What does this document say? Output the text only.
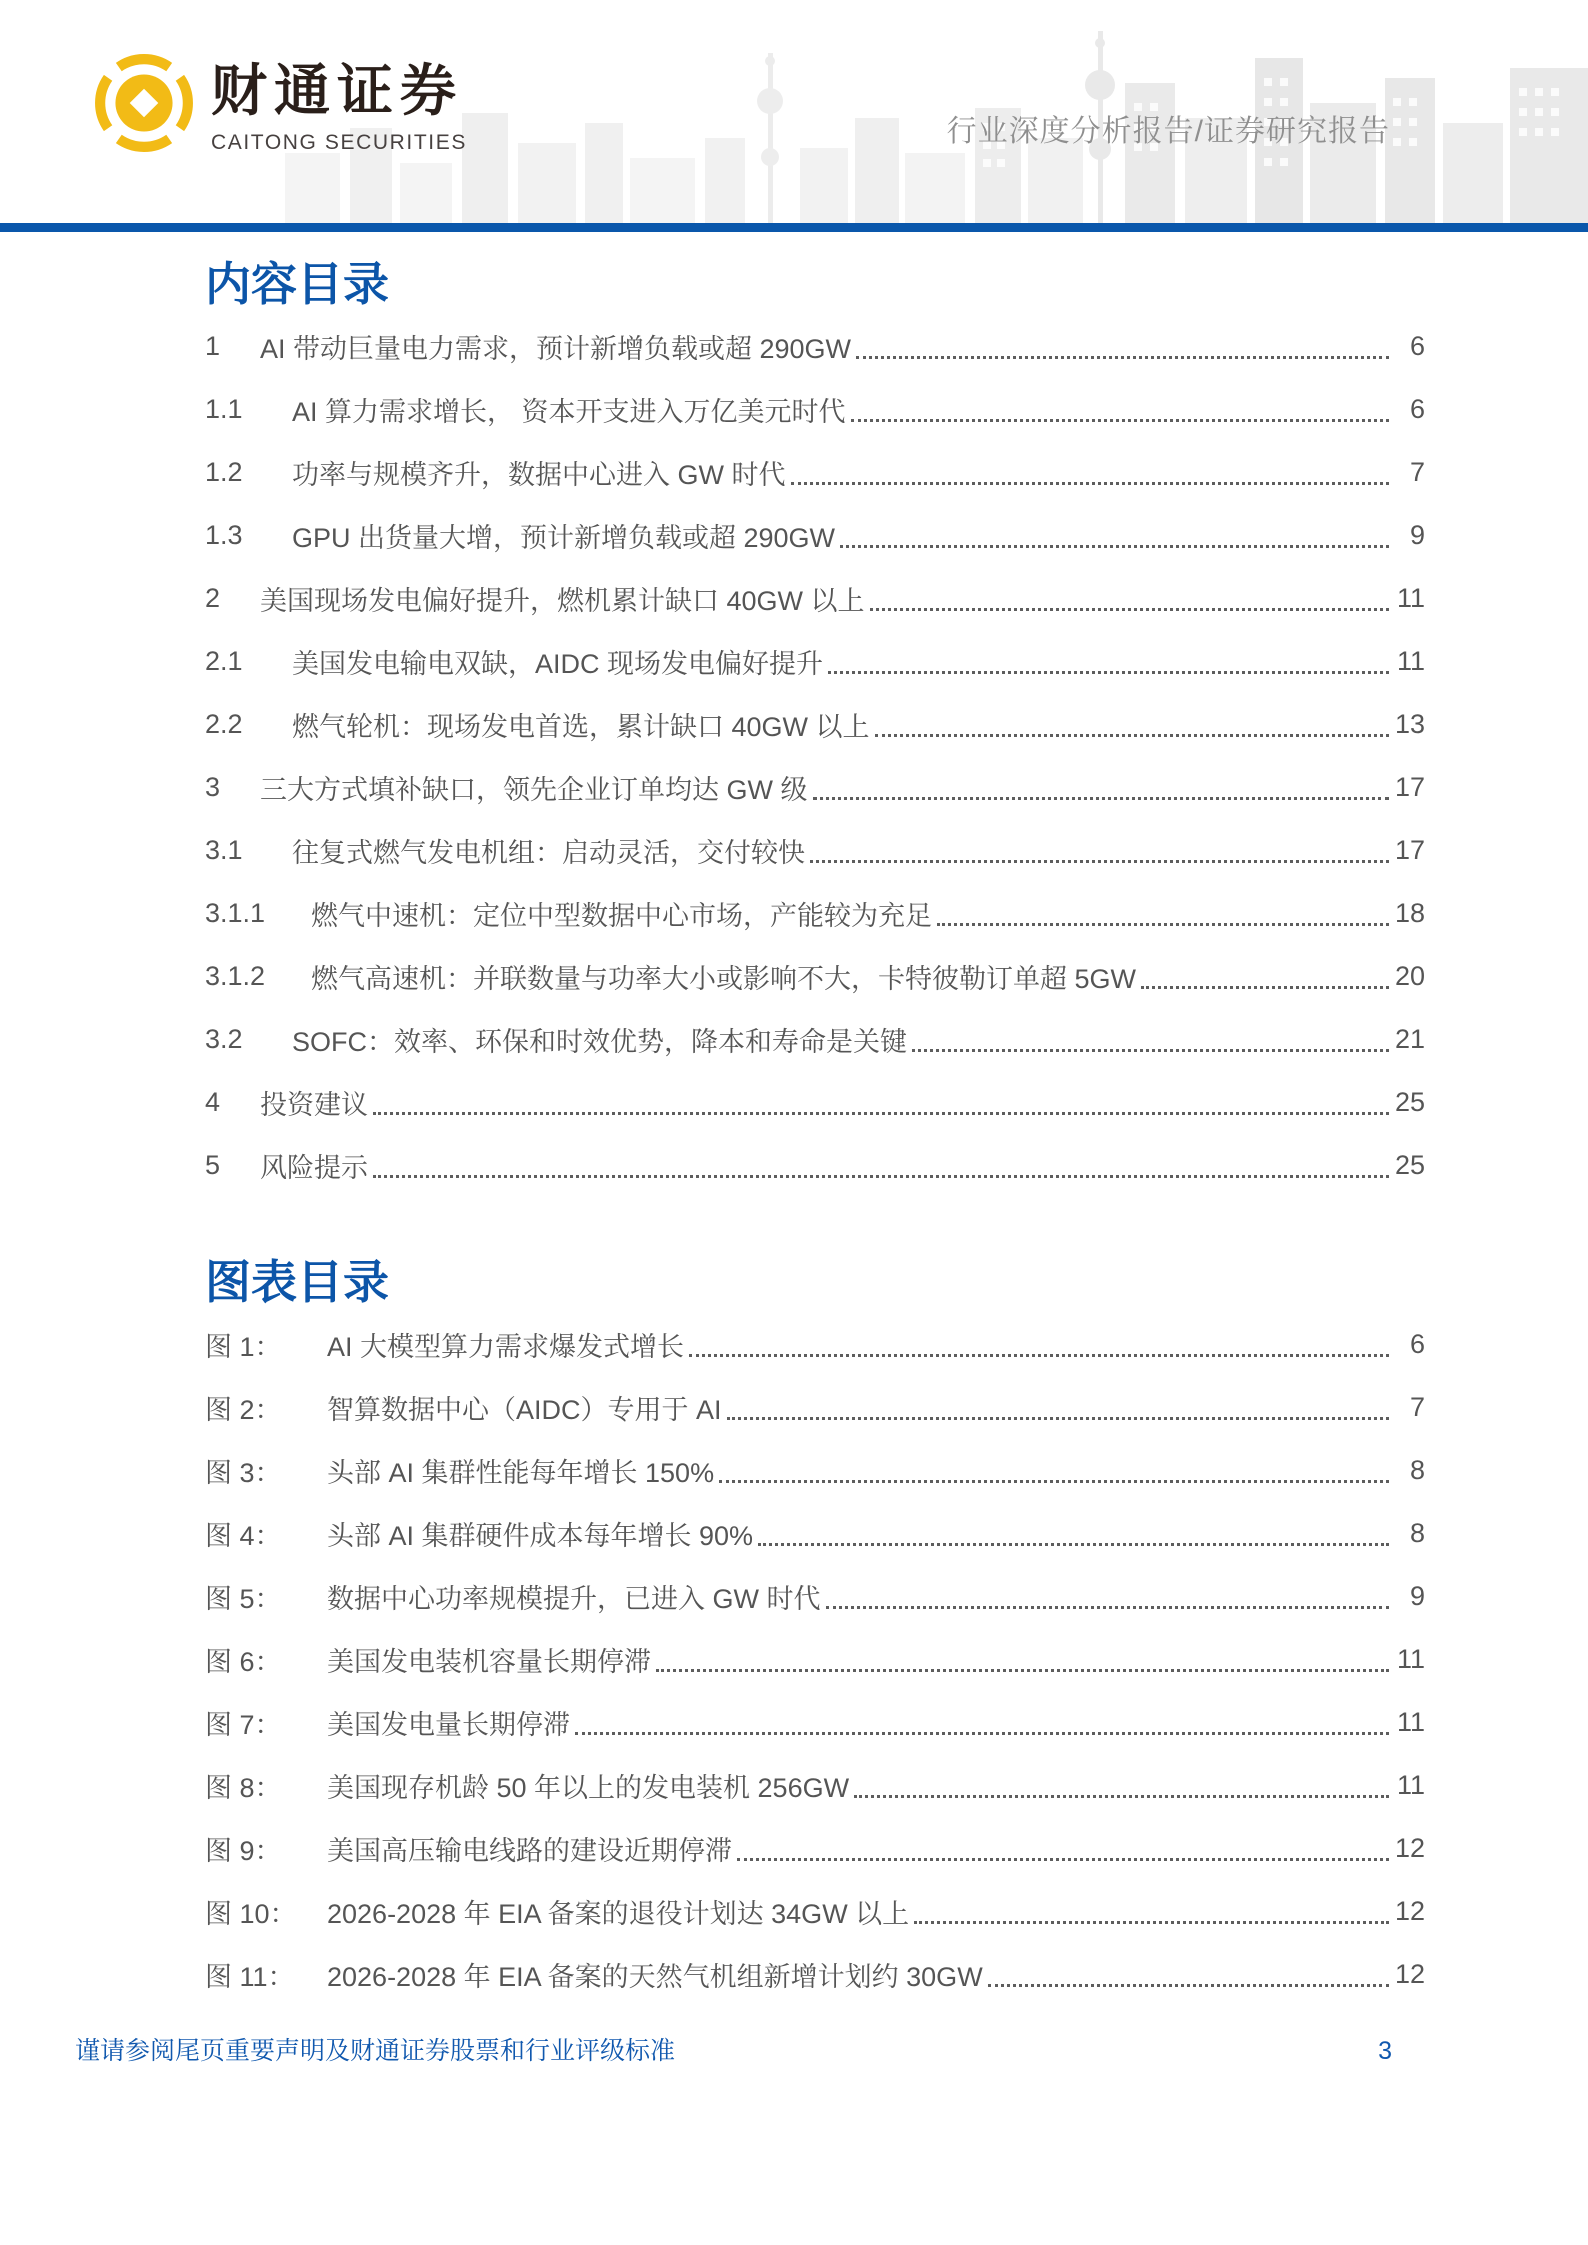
财通证券
CAITONG SECURITIES	行业深度分析报告/证券研究报告
内容目录
1	AI 带动巨量电力需求，预计新增负载或超 290GW	6
1.1	AI 算力需求增长， 资本开支进入万亿美元时代	6
1.2	功率与规模齐升，数据中心进入 GW 时代	7
1.3	GPU 出货量大增，预计新增负载或超 290GW	9
2	美国现场发电偏好提升，燃机累计缺口 40GW 以上	11
2.1	美国发电输电双缺，AIDC 现场发电偏好提升	11
2.2	燃气轮机：现场发电首选，累计缺口 40GW 以上	13
3	三大方式填补缺口，领先企业订单均达 GW 级	17
3.1	往复式燃气发电机组：启动灵活，交付较快	17
3.1.1	燃气中速机：定位中型数据中心市场，产能较为充足	18
3.1.2	燃气高速机：并联数量与功率大小或影响不大，卡特彼勒订单超 5GW	20
3.2	SOFC：效率、环保和时效优势，降本和寿命是关键	21
4	投资建议	25
5	风险提示	25
图表目录
图 1：	AI 大模型算力需求爆发式增长	6
图 2：	智算数据中心（AIDC）专用于 AI	7
图 3：	头部 AI 集群性能每年增长 150%	8
图 4：	头部 AI 集群硬件成本每年增长 90%	8
图 5：	数据中心功率规模提升，已进入 GW 时代	9
图 6：	美国发电装机容量长期停滞	11
图 7：	美国发电量长期停滞	11
图 8：	美国现存机龄 50 年以上的发电装机 256GW	11
图 9：	美国高压输电线路的建设近期停滞	12
图 10：	2026-2028 年 EIA 备案的退役计划达 34GW 以上	12
图 11：	2026-2028 年 EIA 备案的天然气机组新增计划约 30GW	12
谨请参阅尾页重要声明及财通证券股票和行业评级标准	3
